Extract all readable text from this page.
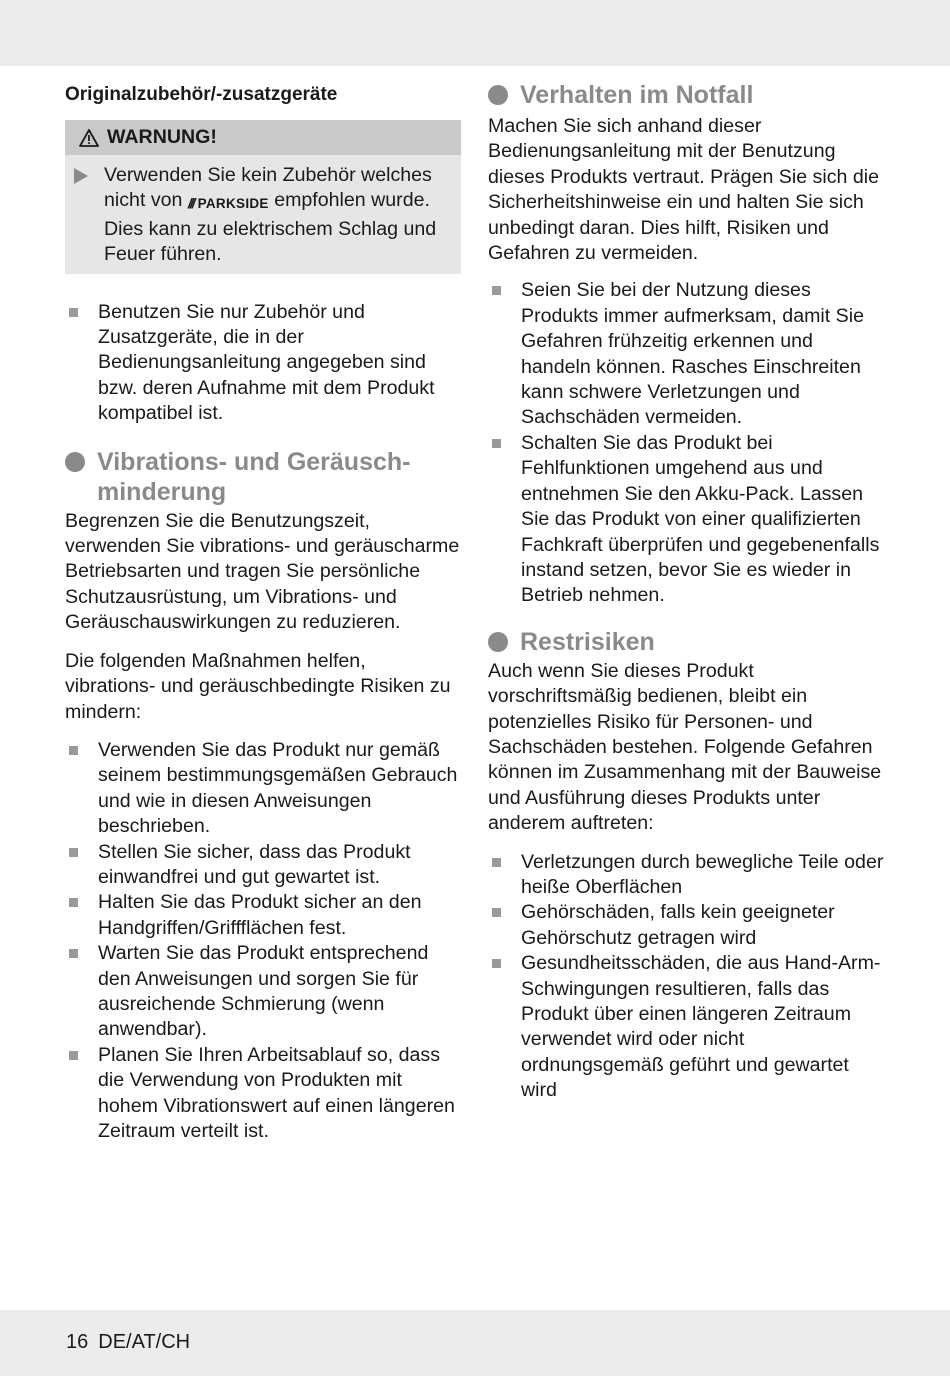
Originalzubehör/-zusatzgeräte

WARNUNG!

Verwenden Sie kein Zubehör welches nicht von /// PARKSIDE empfohlen wurde. Dies kann zu elektrischem Schlag und Feuer führen.

Benutzen Sie nur Zubehör und Zusatzgeräte, die in der Bedienungsanleitung angegeben sind bzw. deren Aufnahme mit dem Produkt kompatibel ist.
Vibrations- und Geräusch-minderung

Begrenzen Sie die Benutzungszeit, verwenden Sie vibrations- und geräuscharme Betriebsarten und tragen Sie persönliche Schutzausrüstung, um Vibrations- und Geräuschauswirkungen zu reduzieren.

Die folgenden Maßnahmen helfen, vibrations- und geräuschbedingte Risiken zu mindern:

Verwenden Sie das Produkt nur gemäß seinem bestimmungsgemäßen Gebrauch und wie in diesen Anweisungen beschrieben.
Stellen Sie sicher, dass das Produkt einwandfrei und gut gewartet ist.
Halten Sie das Produkt sicher an den Handgriffen/Griffflächen fest.
Warten Sie das Produkt entsprechend den Anweisungen und sorgen Sie für ausreichende Schmierung (wenn anwendbar).
Planen Sie Ihren Arbeitsablauf so, dass die Verwendung von Produkten mit hohem Vibrationswert auf einen längeren Zeitraum verteilt ist.
Verhalten im Notfall

Machen Sie sich anhand dieser Bedienungsanleitung mit der Benutzung dieses Produkts vertraut. Prägen Sie sich die Sicherheitshinweise ein und halten Sie sich unbedingt daran. Dies hilft, Risiken und Gefahren zu vermeiden.

Seien Sie bei der Nutzung dieses Produkts immer aufmerksam, damit Sie Gefahren frühzeitig erkennen und handeln können. Rasches Einschreiten kann schwere Verletzungen und Sachschäden vermeiden.
Schalten Sie das Produkt bei Fehlfunktionen umgehend aus und entnehmen Sie den Akku-Pack. Lassen Sie das Produkt von einer qualifizierten Fachkraft überprüfen und gegebenenfalls instand setzen, bevor Sie es wieder in Betrieb nehmen.
Restrisiken

Auch wenn Sie dieses Produkt vorschriftsmäßig bedienen, bleibt ein potenzielles Risiko für Personen- und Sachschäden bestehen. Folgende Gefahren können im Zusammenhang mit der Bauweise und Ausführung dieses Produkts unter anderem auftreten:

Verletzungen durch bewegliche Teile oder heiße Oberflächen
Gehörschäden, falls kein geeigneter Gehörschutz getragen wird
Gesundheitsschäden, die aus Hand-Arm-Schwingungen resultieren, falls das Produkt über einen längeren Zeitraum verwendet wird oder nicht ordnungsgemäß geführt und gewartet wird
16 DE/AT/CH
